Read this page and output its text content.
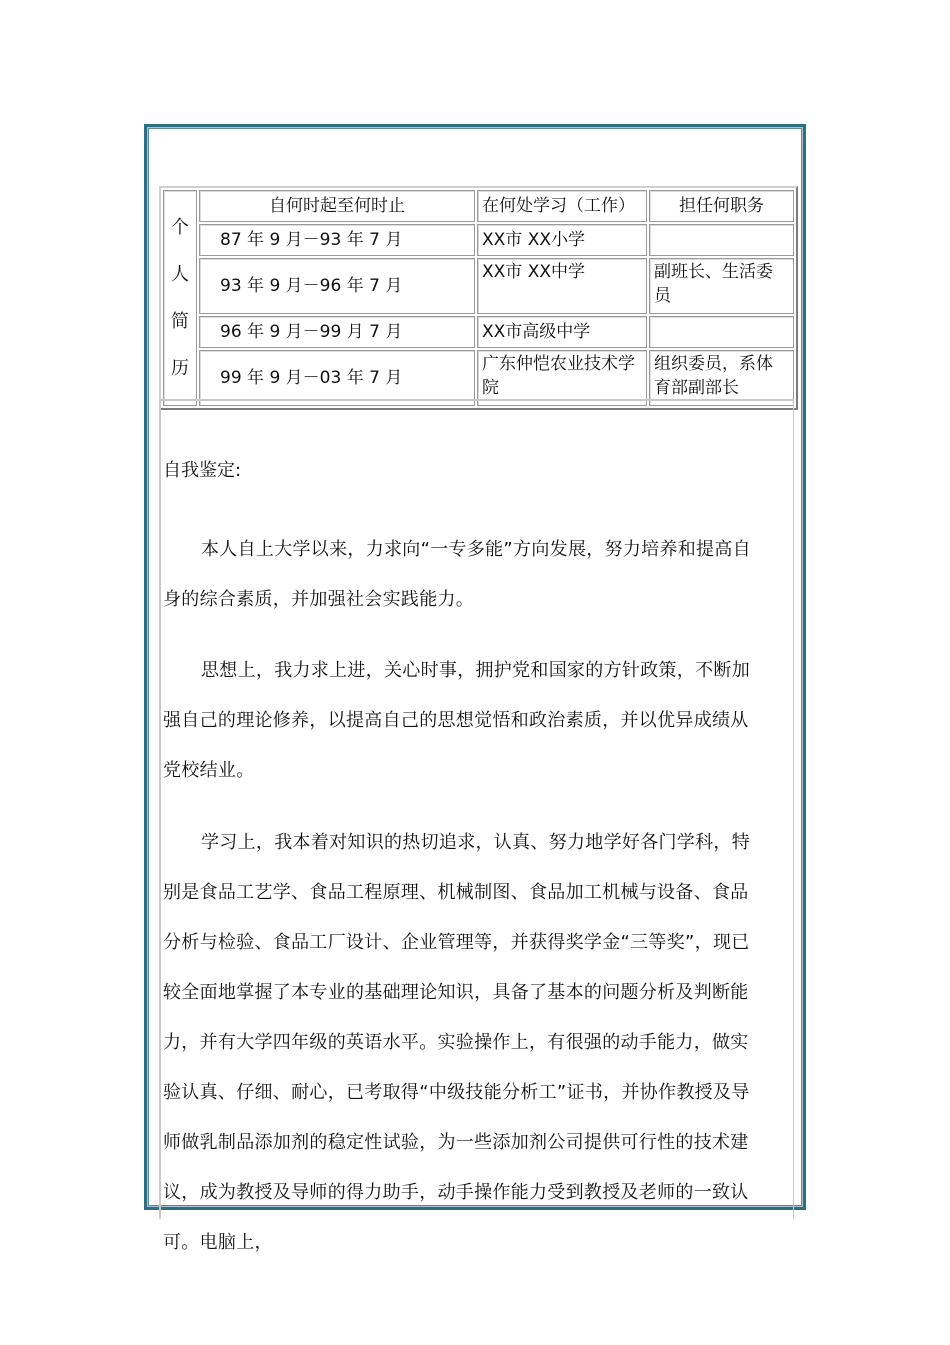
个
人
简
历	自何时起至何时止	在何处学习（工作）	担任何职务
	87 年 9 月－93 年 7 月	XX市 XX小学	
	93 年 9 月－96 年 7 月	XX市 XX中学	副班长、生活委员
	96 年 9 月－99 月 7 月	XX市高级中学	
	99 年 9 月－03 年 7 月	广东仲恺农业技术学院	组织委员，系体育部副部长

自我鉴定:

本人自上大学以来，力求向“一专多能”方向发展，努力培养和提高自身的综合素质，并加强社会实践能力。

思想上，我力求上进，关心时事，拥护党和国家的方针政策，不断加强自己的理论修养，以提高自己的思想觉悟和政治素质，并以优异成绩从党校结业。

学习上，我本着对知识的热切追求，认真、努力地学好各门学科，特别是食品工艺学、食品工程原理、机械制图、食品加工机械与设备、食品分析与检验、食品工厂设计、企业管理等，并获得奖学金“三等奖”，现已较全面地掌握了本专业的基础理论知识，具备了基本的问题分析及判断能力，并有大学四年级的英语水平。实验操作上，有很强的动手能力，做实验认真、仔细、耐心，已考取得“中级技能分析工”证书，并协作教授及导师做乳制品添加剂的稳定性试验，为一些添加剂公司提供可行性的技术建议，成为教授及导师的得力助手，动手操作能力受到教授及老师的一致认可。电脑上，
